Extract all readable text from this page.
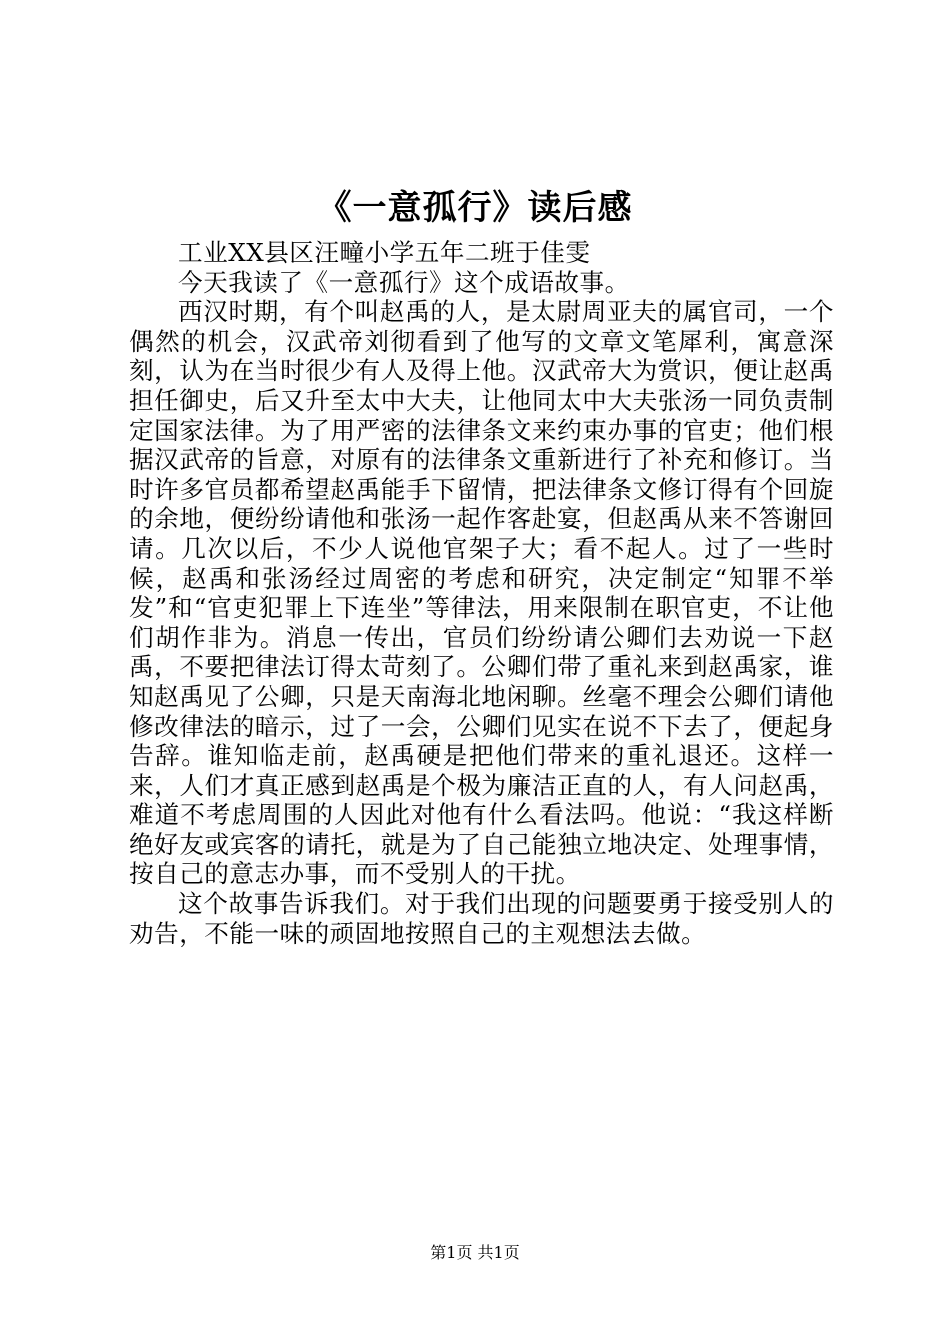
《一意孤行》读后感

工业XX县区汪疃小学五年二班于佳雯

今天我读了《一意孤行》这个成语故事。

西汉时期，有个叫赵禹的人，是太尉周亚夫的属官司，一个偶然的机会，汉武帝刘彻看到了他写的文章文笔犀利，寓意深刻，认为在当时很少有人及得上他。汉武帝大为赏识，便让赵禹担任御史，后又升至太中大夫，让他同太中大夫张汤一同负责制定国家法律。为了用严密的法律条文来约束办事的官吏；他们根据汉武帝的旨意，对原有的法律条文重新进行了补充和修订。当时许多官员都希望赵禹能手下留情，把法律条文修订得有个回旋的余地，便纷纷请他和张汤一起作客赴宴，但赵禹从来不答谢回请。几次以后，不少人说他官架子大；看不起人。过了一些时候，赵禹和张汤经过周密的考虑和研究，决定制定“知罪不举发”和“官吏犯罪上下连坐”等律法，用来限制在职官吏，不让他们胡作非为。消息一传出，官员们纷纷请公卿们去劝说一下赵禹，不要把律法订得太苛刻了。公卿们带了重礼来到赵禹家，谁知赵禹见了公卿，只是天南海北地闲聊。丝毫不理会公卿们请他修改律法的暗示，过了一会，公卿们见实在说不下去了，便起身告辞。谁知临走前，赵禹硬是把他们带来的重礼退还。这样一来，人们才真正感到赵禹是个极为廉洁正直的人，有人问赵禹，难道不考虑周围的人因此对他有什么看法吗。他说：“我这样断绝好友或宾客的请托，就是为了自己能独立地决定、处理事情，按自己的意志办事，而不受别人的干扰。

这个故事告诉我们。对于我们出现的问题要勇于接受别人的劝告，不能一味的顽固地按照自己的主观想法去做。

第1页 共1页
